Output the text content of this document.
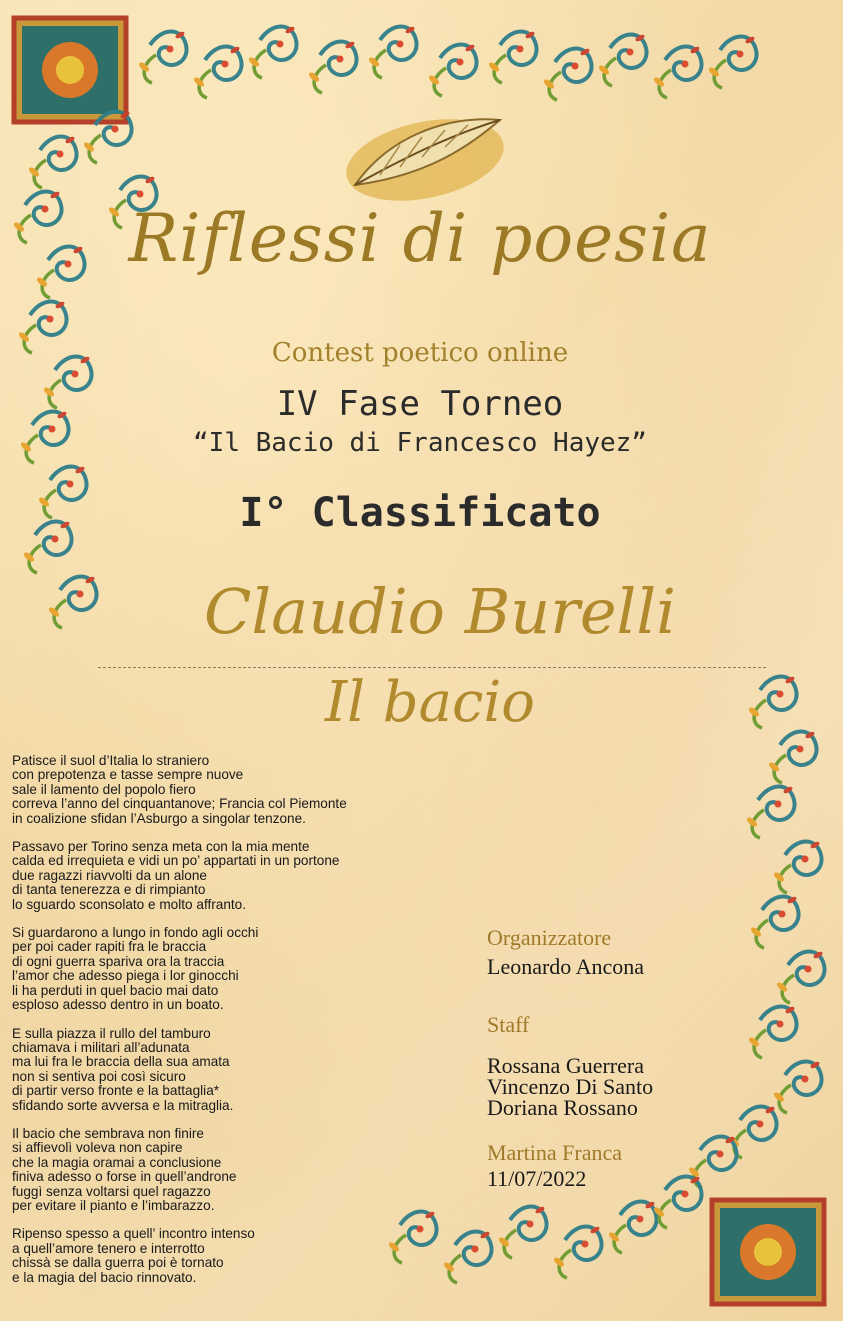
Riflessi di poesia
Contest poetico online
IV Fase Torneo
“Il Bacio di Francesco Hayez”
I° Classificato
Claudio Burelli
Il bacio
Patisce il suol d’Italia lo straniero
con prepotenza e tasse sempre nuove
sale il lamento del popolo fiero
correva l’anno del cinquantanove; Francia col Piemonte
in coalizione sfidan l’Asburgo a singolar tenzone.
Passavo per Torino senza meta con la mia mente
calda ed irrequieta e vidi un po’ appartati in un portone
due ragazzi riavvolti da un alone
di tanta tenerezza e di rimpianto
lo sguardo sconsolato e molto affranto.
Si guardarono a lungo in fondo agli occhi
per poi cader rapiti fra le braccia
di ogni guerra spariva ora la traccia
l’amor che adesso piega i lor ginocchi
li ha perduti in quel bacio mai dato
esploso adesso dentro in un boato.
E sulla piazza il rullo del tamburo
chiamava i militari all’adunata
ma lui fra le braccia della sua amata
non si sentiva poi così sicuro
di partir verso fronte e la battaglia*
sfidando sorte avversa e la mitraglia.
Il bacio che sembrava non finire
si affievolì voleva non capire
che la magia oramai a conclusione
finiva adesso o forse in quell’androne
fuggì senza voltarsi quel ragazzo
per evitare il pianto e l’imbarazzo.
Ripenso spesso a quell’ incontro intenso
a quell’amore tenero e interrotto
chissà se dalla guerra poi è tornato
e la magia del bacio rinnovato.
Organizzatore
Leonardo Ancona
Staff
Rossana Guerrera
Vincenzo Di Santo
Doriana Rossano
Martina Franca
11/07/2022
